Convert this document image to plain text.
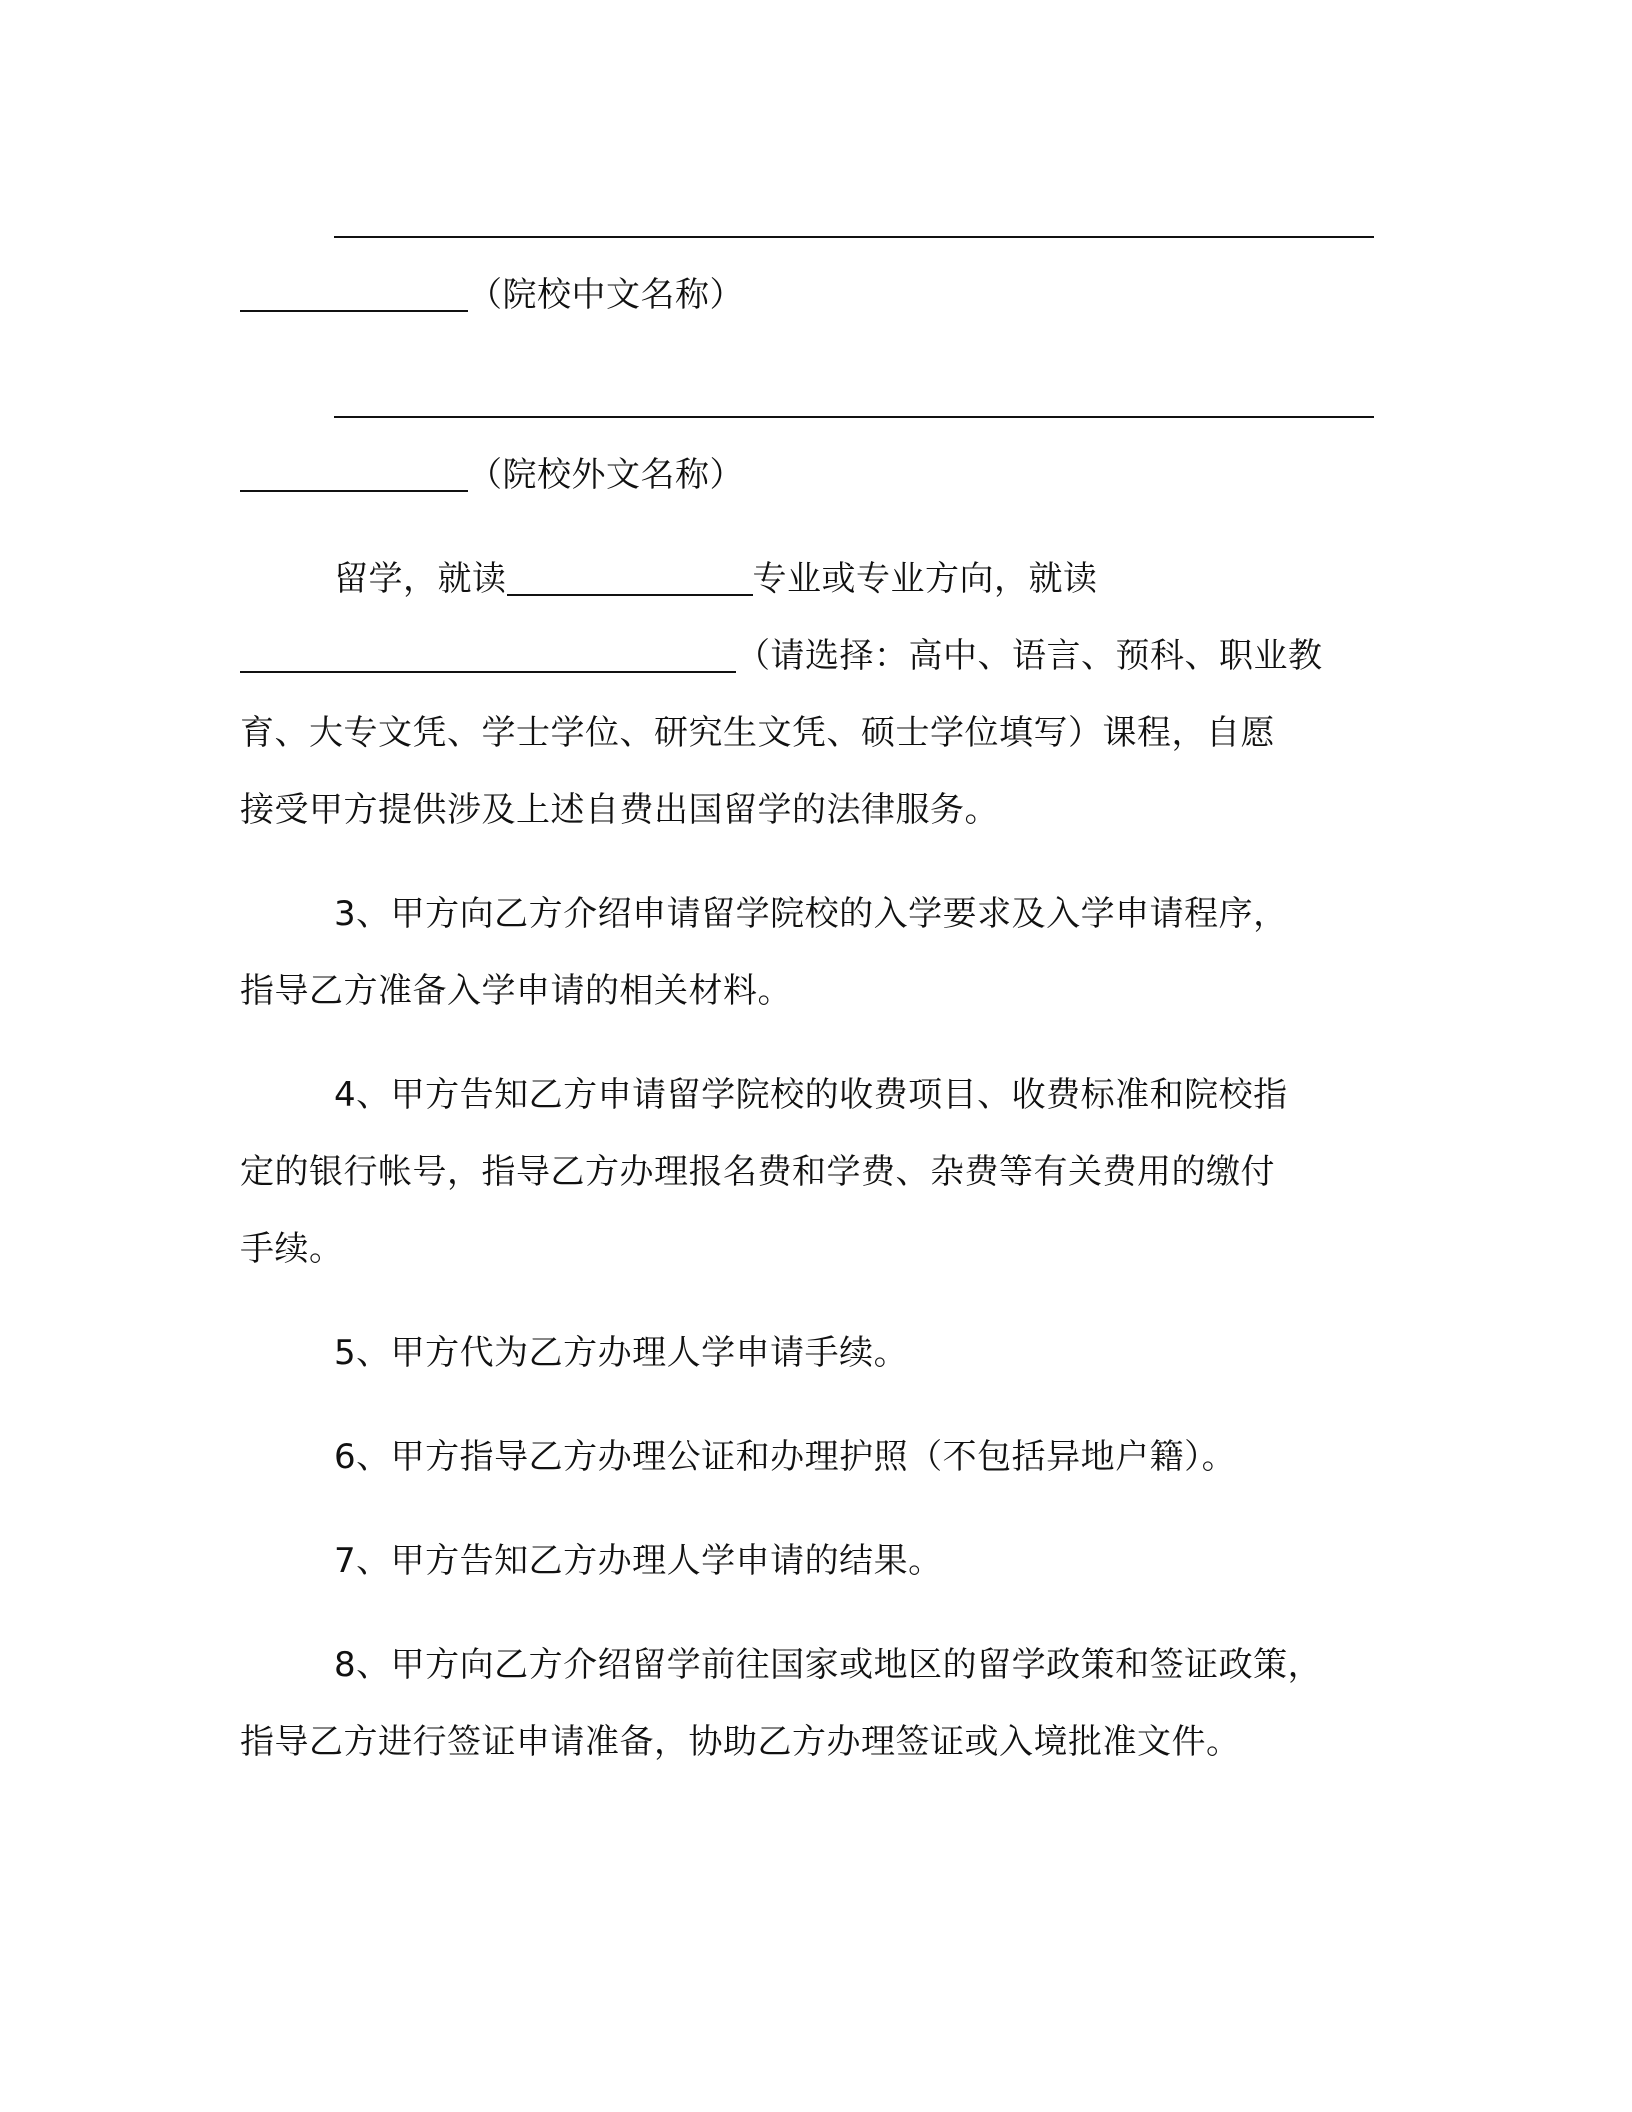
（院校中文名称）
（院校外文名称）
留学，就读	专业或专业方向，就读
（请选择：高中、语言、预科、职业教
育、大专文凭、学士学位、研究生文凭、硕士学位填写）课程，自愿
接受甲方提供涉及上述自费出国留学的法律服务。
3、甲方向乙方介绍申请留学院校的入学要求及入学申请程序，
指导乙方准备入学申请的相关材料。
4、甲方告知乙方申请留学院校的收费项目、收费标准和院校指
定的银行帐号，指导乙方办理报名费和学费、杂费等有关费用的缴付
手续。
5、甲方代为乙方办理人学申请手续。
6、甲方指导乙方办理公证和办理护照（不包括异地户籍）。
7、甲方告知乙方办理人学申请的结果。
8、甲方向乙方介绍留学前往国家或地区的留学政策和签证政策，
指导乙方进行签证申请准备，协助乙方办理签证或入境批准文件。
